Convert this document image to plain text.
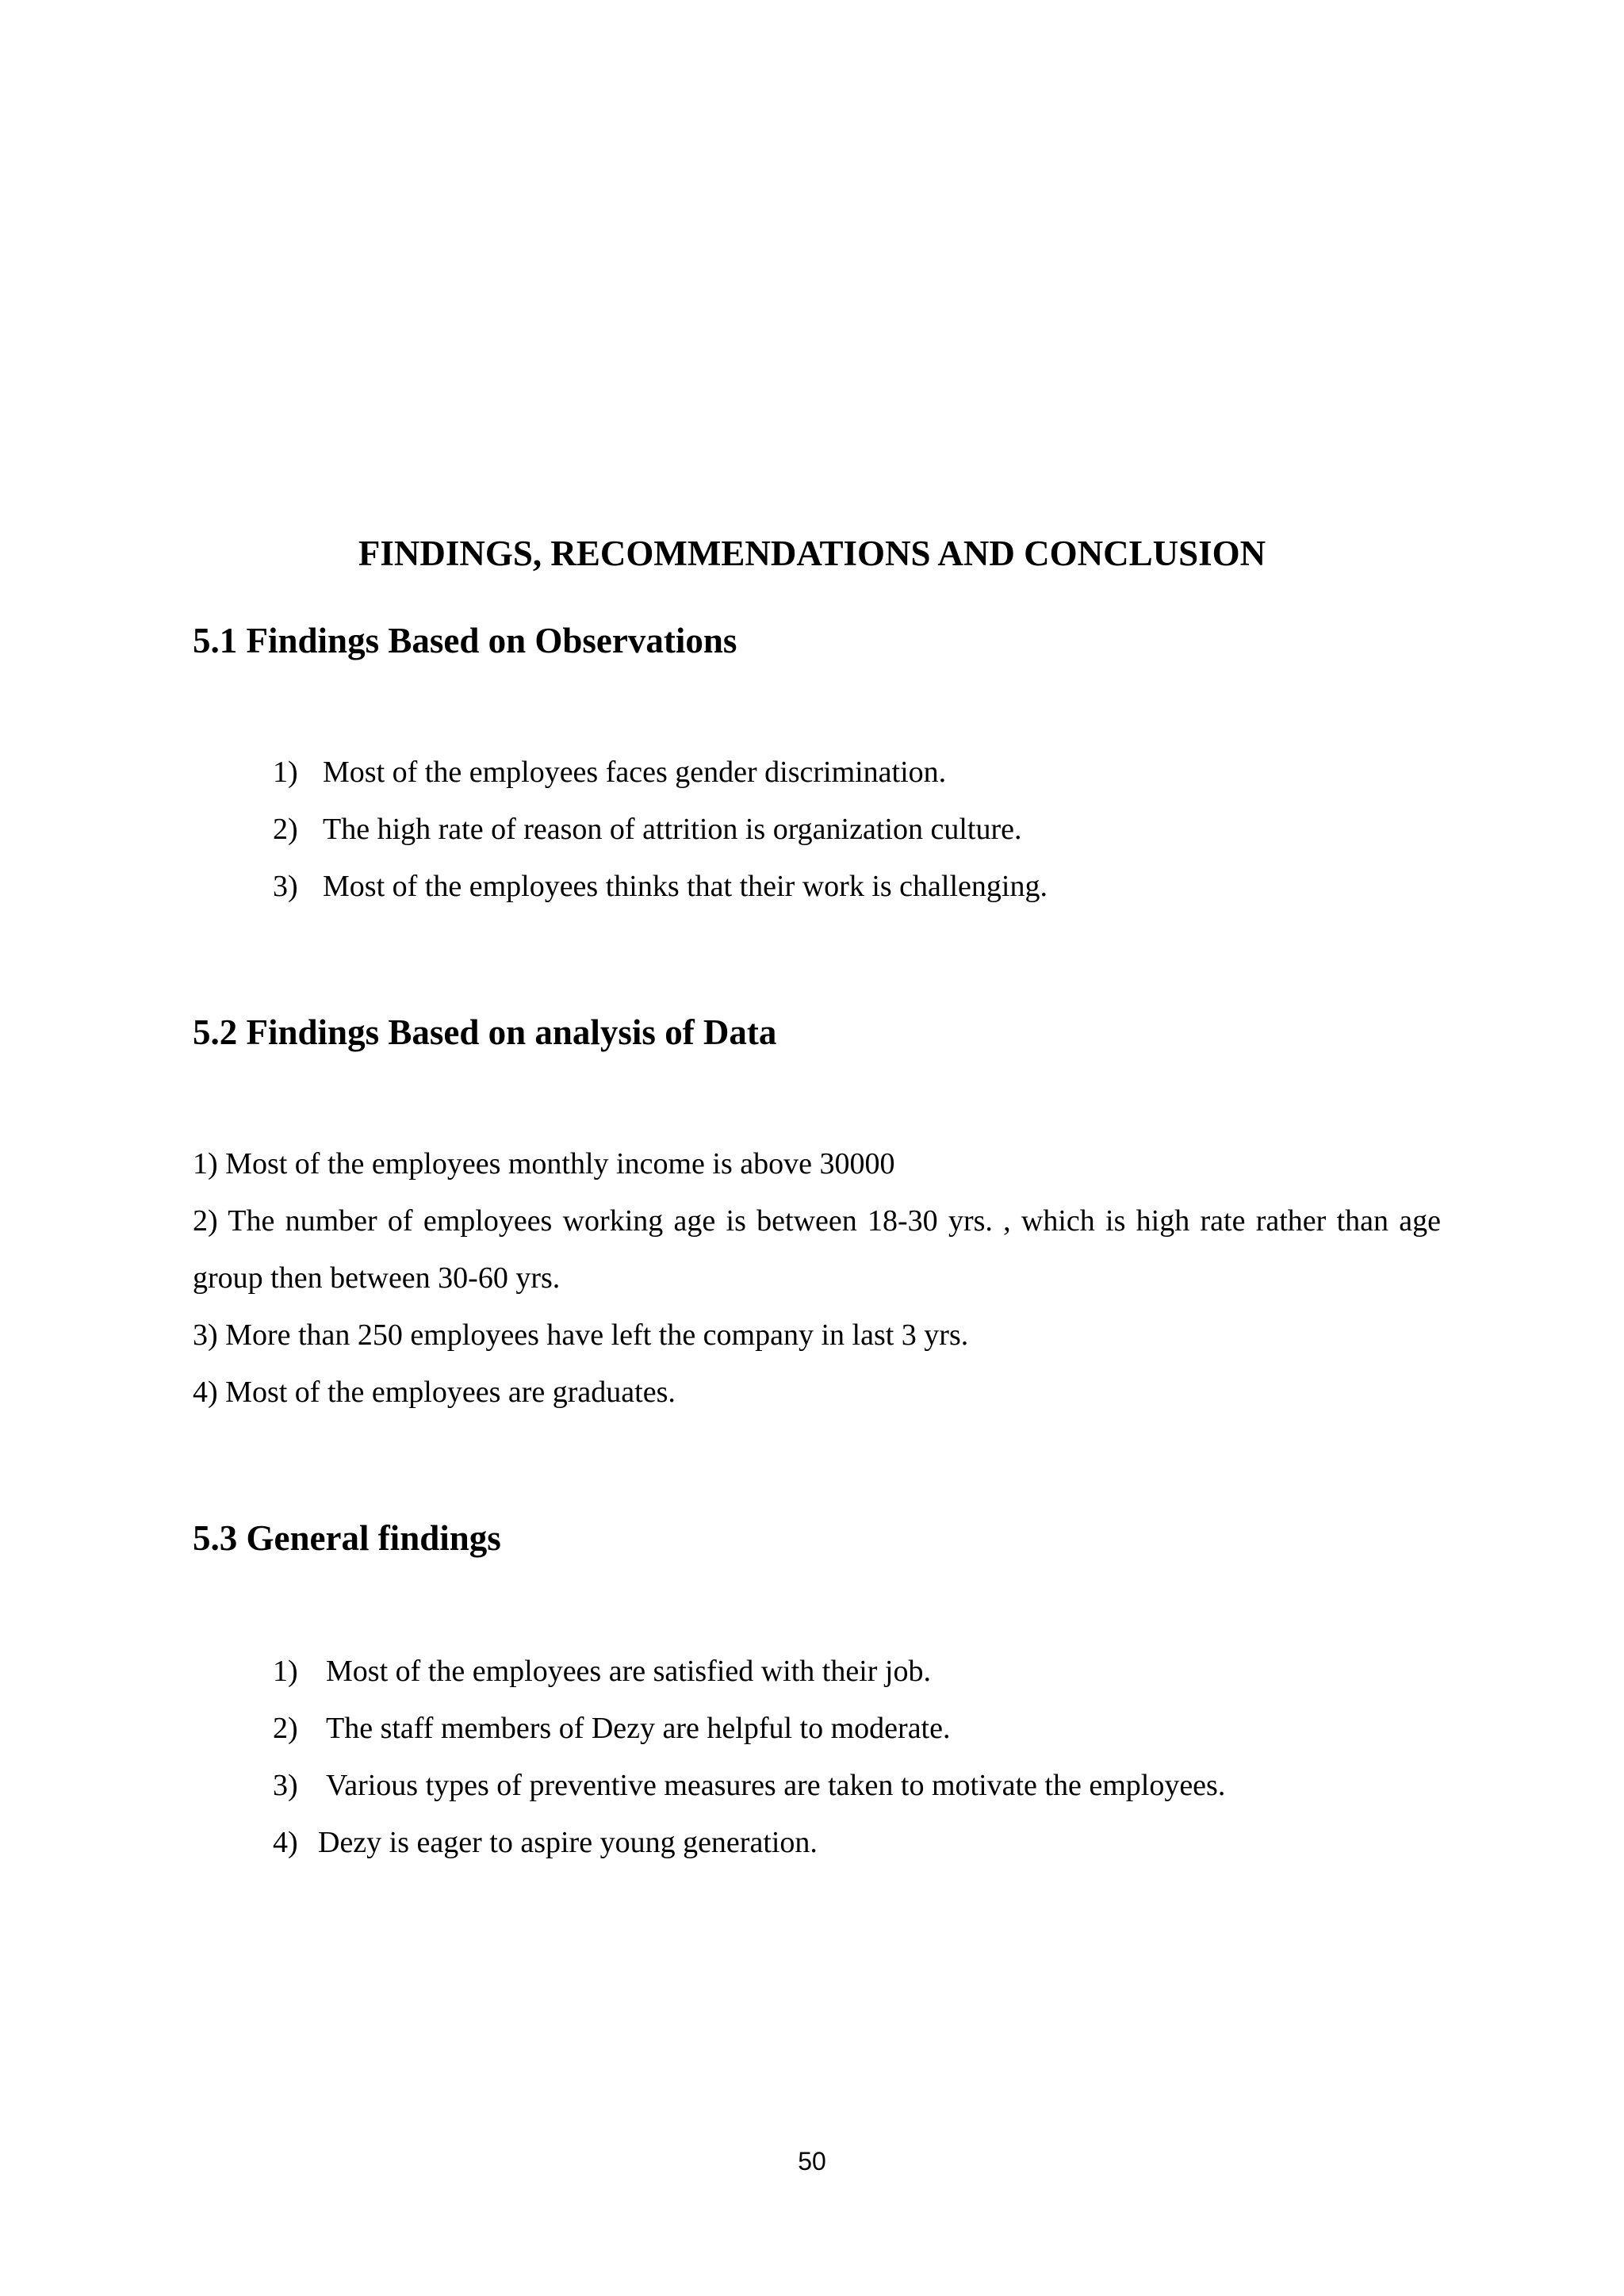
FINDINGS, RECOMMENDATIONS AND CONCLUSION
5.1 Findings Based on Observations
1) Most of the employees faces gender discrimination.
2) The high rate of reason of attrition is organization culture.
3) Most of the employees thinks that their work is challenging.
5.2 Findings Based on analysis of Data

1) Most of the employees monthly income is above 30000

2) The number of employees working age is between 18-30 yrs. , which is high rate rather than age group then between 30-60 yrs.

3) More than 250 employees have left the company in last 3 yrs.

4) Most of the employees are graduates.

5.3 General findings
1) Most of the employees are satisfied with their job.
2) The staff members of Dezy are helpful to moderate.
3) Various types of preventive measures are taken to motivate the employees.
4) Dezy is eager to aspire young generation.

50
